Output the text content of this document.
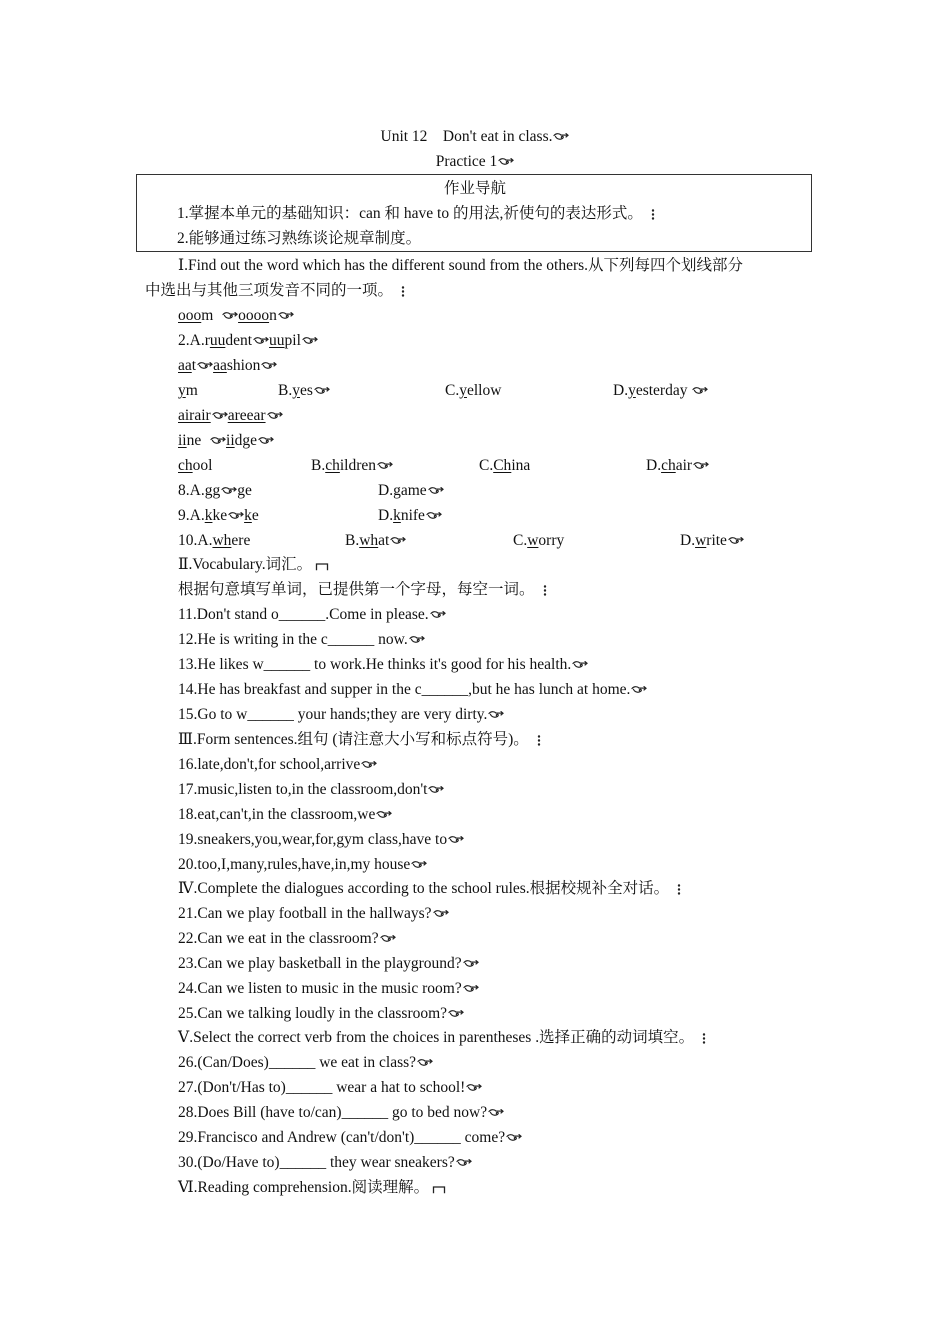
Unit 12　Don't eat in class.
Practice 1
作业导航
1.掌握本单元的基础知识：can 和 have to 的用法,祈使句的表达形式。
2.能够通过练习熟练谈论规章制度。
Ⅰ.Find out the word which has the different sound from the others.从下列每四个划线部分
中选出与其他三项发音不同的一项。
ooom oooon
2.A.ruudent uupil
aat aashion
ym	B.yes	C.yellow	D.yesterday
airair areear
iine iidge
chool	B.children	C.China	D.chair
8.A.gg ge	D.game
9.A.kke ke	D.knife
10.A.where	B.what	C.worry	D.write
Ⅱ.Vocabulary.词汇。
根据句意填写单词，已提供第一个字母，每空一词。
11.Don't stand o______.Come in please.
12.He is writing in the c______ now.
13.He likes w______ to work.He thinks it's good for his health.
14.He has breakfast and supper in the c______,but he has lunch at home.
15.Go to w______ your hands;they are very dirty.
Ⅲ.Form sentences.组句 (请注意大小写和标点符号)。
16.late,don't,for school,arrive
17.music,listen to,in the classroom,don't
18.eat,can't,in the classroom,we
19.sneakers,you,wear,for,gym class,have to
20.too,I,many,rules,have,in,my house
Ⅳ.Complete the dialogues according to the school rules.根据校规补全对话。
21.Can we play football in the hallways?
22.Can we eat in the classroom?
23.Can we play basketball in the playground?
24.Can we listen to music in the music room?
25.Can we talking loudly in the classroom?
Ⅴ.Select the correct verb from the choices in parentheses .选择正确的动词填空。
26.(Can/Does)______ we eat in class?
27.(Don't/Has to)______ wear a hat to school!
28.Does Bill (have to/can)______ go to bed now?
29.Francisco and Andrew (can't/don't)______ come?
30.(Do/Have to)______ they wear sneakers?
Ⅵ.Reading comprehension.阅读理解。
